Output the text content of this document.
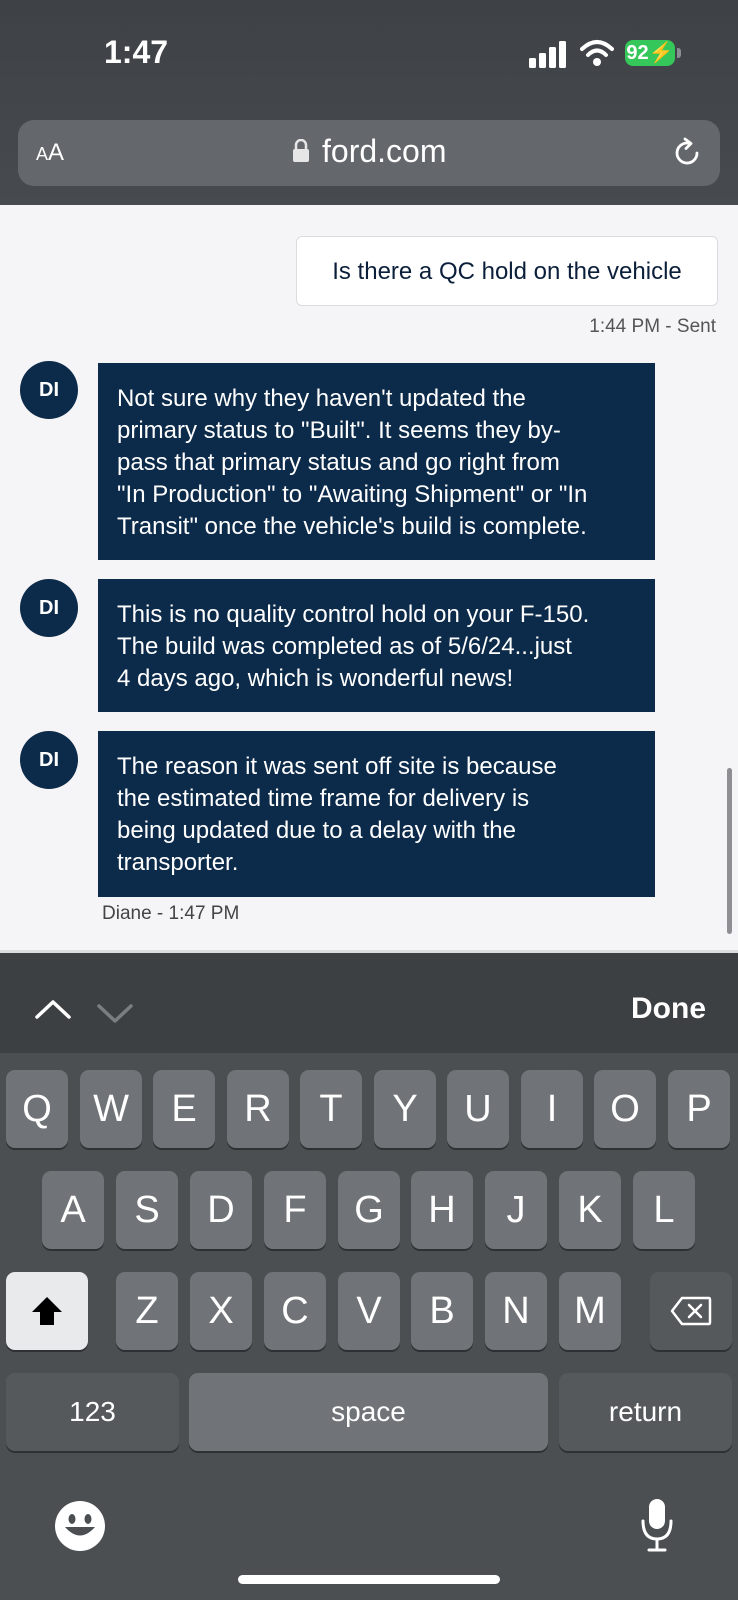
1:47	92⚡
AA	ford.com
Is there a QC hold on the vehicle
1:44 PM - Sent
DI	Not sure why they haven't updated the
primary status to "Built". It seems they by-
pass that primary status and go right from
"In Production" to "Awaiting Shipment" or "In
Transit" once the vehicle's build is complete.
DI	This is no quality control hold on your F-150.
The build was completed as of 5/6/24...just
4 days ago, which is wonderful news!
DI	The reason it was sent off site is because
the estimated time frame for delivery is
being updated due to a delay with the
transporter.
Diane - 1:47 PM
Done
Q	W	E	R	T	Y	U	I	O	P
A	S	D	F	G	H	J	K	L
Z	X	C	V	B	N	M
123	space	return
